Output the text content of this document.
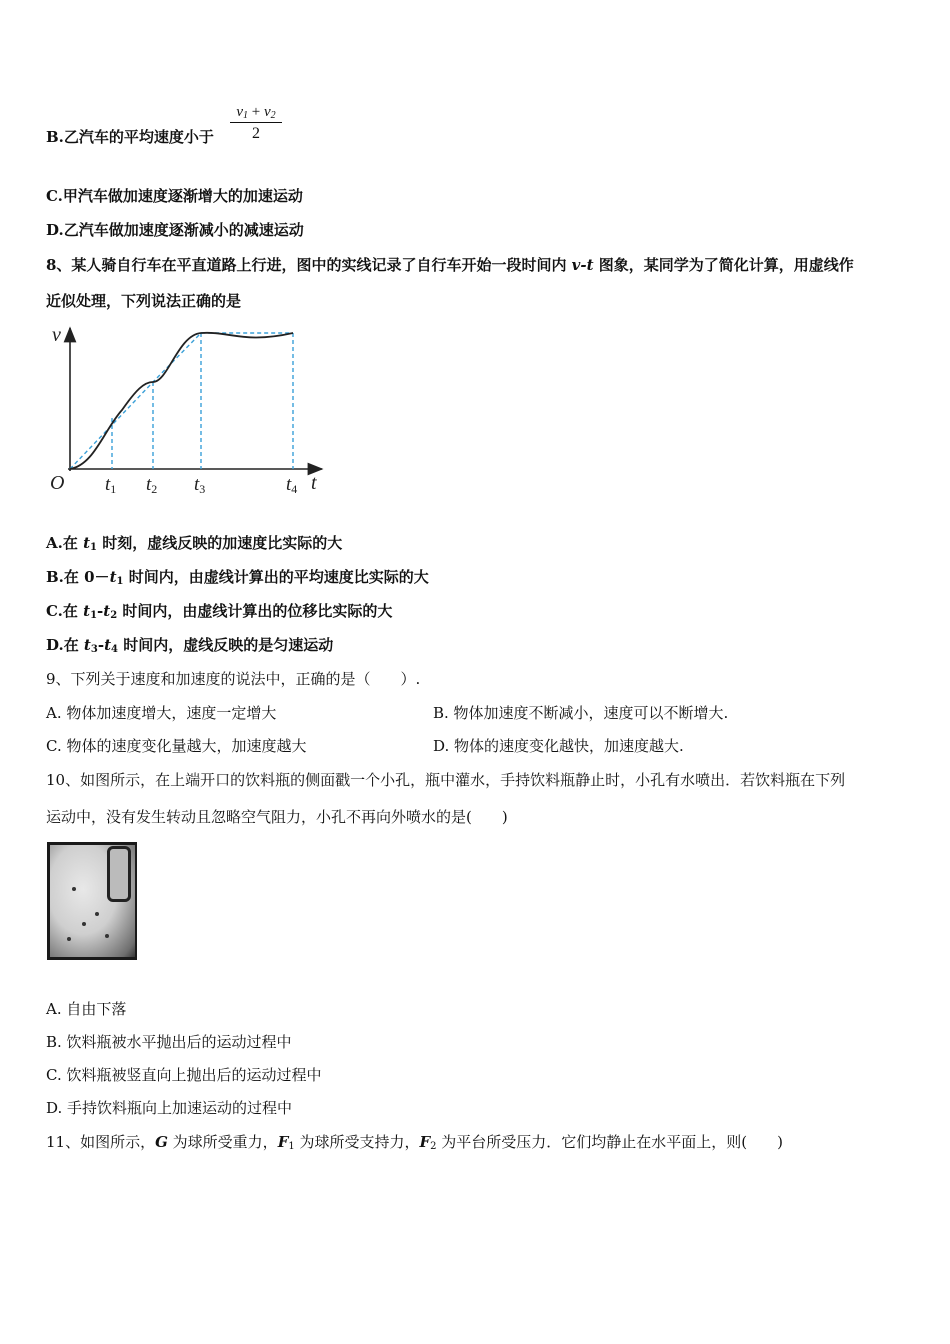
B.乙汽车的平均速度小于 $\frac{v_1 + v_2}{2}$
C.甲汽车做加速度逐渐增大的加速运动
D.乙汽车做加速度逐渐减小的减速运动
8、某人骑自行车在平直道路上行进，图中的实线记录了自行车开始一段时间内 v-t 图象，某同学为了简化计算，用虚线作
近似处理，下列说法正确的是
v
O	t
t1 t2 t3	t4
A.在 $t_1$ 时刻，虚线反映的加速度比实际的大
B.在 $0-t_1$ 时间内，由虚线计算出的平均速度比实际的大
C.在 $t_1-t_2$ 时间内，由虚线计算出的位移比实际的大
D.在 $t_3-t_4$ 时间内，虚线反映的是匀速运动
9、下列关于速度和加速度的说法中，正确的是（　　）.
A. 物体加速度增大，速度一定增大	B. 物体加速度不断减小，速度可以不断增大.
C. 物体的速度变化量越大，加速度越大	D. 物体的速度变化越快，加速度越大.
10、如图所示，在上端开口的饮料瓶的侧面戳一个小孔，瓶中灌水，手持饮料瓶静止时，小孔有水喷出．若饮料瓶在下列
运动中，没有发生转动且忽略空气阻力，小孔不再向外喷水的是(　　)
A. 自由下落
B. 饮料瓶被水平抛出后的运动过程中
C. 饮料瓶被竖直向上抛出后的运动过程中
D. 手持饮料瓶向上加速运动的过程中
11、如图所示，G 为球所受重力，$F_1$ 为球所受支持力，$F_2$ 为平台所受压力．它们均静止在水平面上，则(　　)
